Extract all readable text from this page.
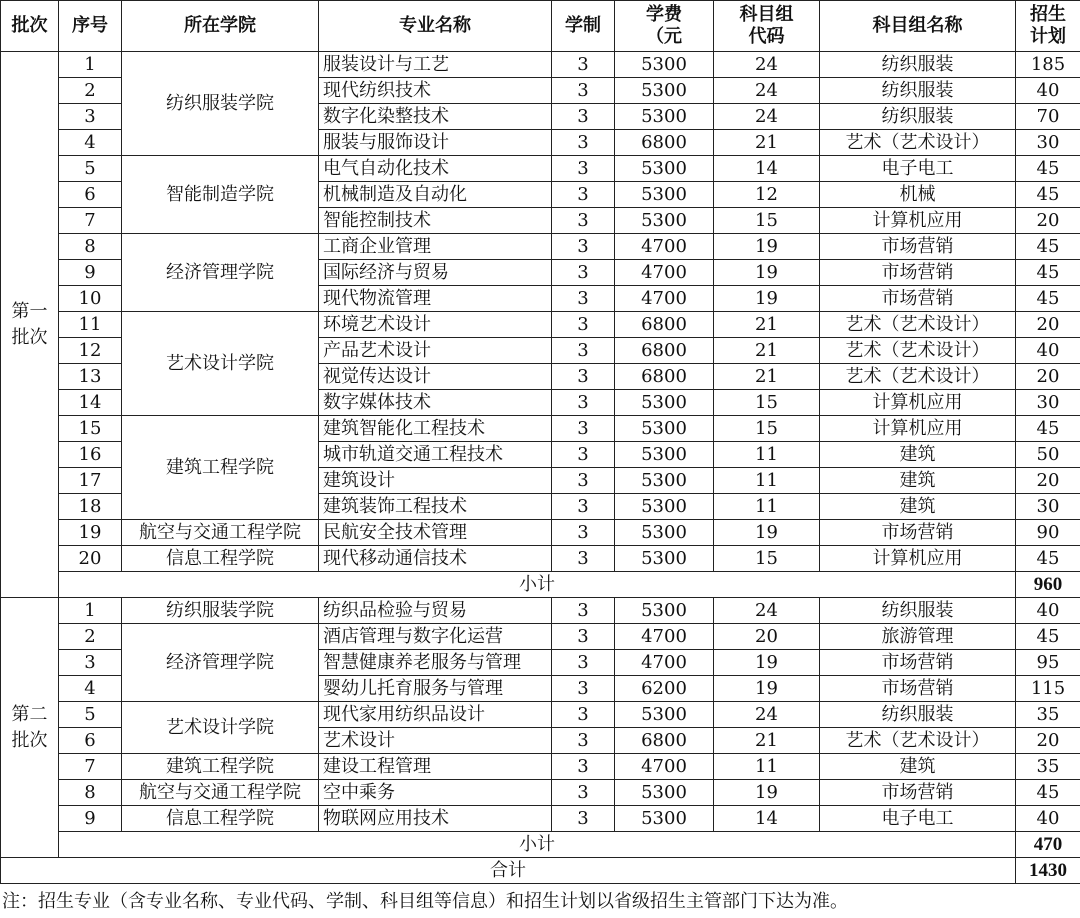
批次	序号	所在学院	专业名称	学制	学费（元	科目组代码	科目组名称	招生计划
第一批次	1	纺织服装学院	服装设计与工艺	3	5300	24	纺织服装	185
	2		现代纺织技术	3	5300	24	纺织服装	40
	3		数字化染整技术	3	5300	24	纺织服装	70
	4		服装与服饰设计	3	6800	21	艺术（艺术设计）	30
	5	智能制造学院	电气自动化技术	3	5300	14	电子电工	45
	6		机械制造及自动化	3	5300	12	机械	45
	7		智能控制技术	3	5300	15	计算机应用	20
	8	经济管理学院	工商企业管理	3	4700	19	市场营销	45
	9		国际经济与贸易	3	4700	19	市场营销	45
	10		现代物流管理	3	4700	19	市场营销	45
	11	艺术设计学院	环境艺术设计	3	6800	21	艺术（艺术设计）	20
	12		产品艺术设计	3	6800	21	艺术（艺术设计）	40
	13		视觉传达设计	3	6800	21	艺术（艺术设计）	20
	14		数字媒体技术	3	5300	15	计算机应用	30
	15	建筑工程学院	建筑智能化工程技术	3	5300	15	计算机应用	45
	16		城市轨道交通工程技术	3	5300	11	建筑	50
	17		建筑设计	3	5300	11	建筑	20
	18		建筑装饰工程技术	3	5300	11	建筑	30
	19	航空与交通工程学院	民航安全技术管理	3	5300	19	市场营销	90
	20	信息工程学院	现代移动通信技术	3	5300	15	计算机应用	45
	小计							960
第二批次	1	纺织服装学院	纺织品检验与贸易	3	5300	24	纺织服装	40
	2	经济管理学院	酒店管理与数字化运营	3	4700	20	旅游管理	45
	3		智慧健康养老服务与管理	3	4700	19	市场营销	95
	4		婴幼儿托育服务与管理	3	6200	19	市场营销	115
	5	艺术设计学院	现代家用纺织品设计	3	5300	24	纺织服装	35
	6		艺术设计	3	6800	21	艺术（艺术设计）	20
	7	建筑工程学院	建设工程管理	3	4700	11	建筑	35
	8	航空与交通工程学院	空中乘务	3	5300	19	市场营销	45
	9	信息工程学院	物联网应用技术	3	5300	14	电子电工	40
	小计							470
合计								1430
注：招生专业（含专业名称、专业代码、学制、科目组等信息）和招生计划以省级招生主管部门下达为准。
